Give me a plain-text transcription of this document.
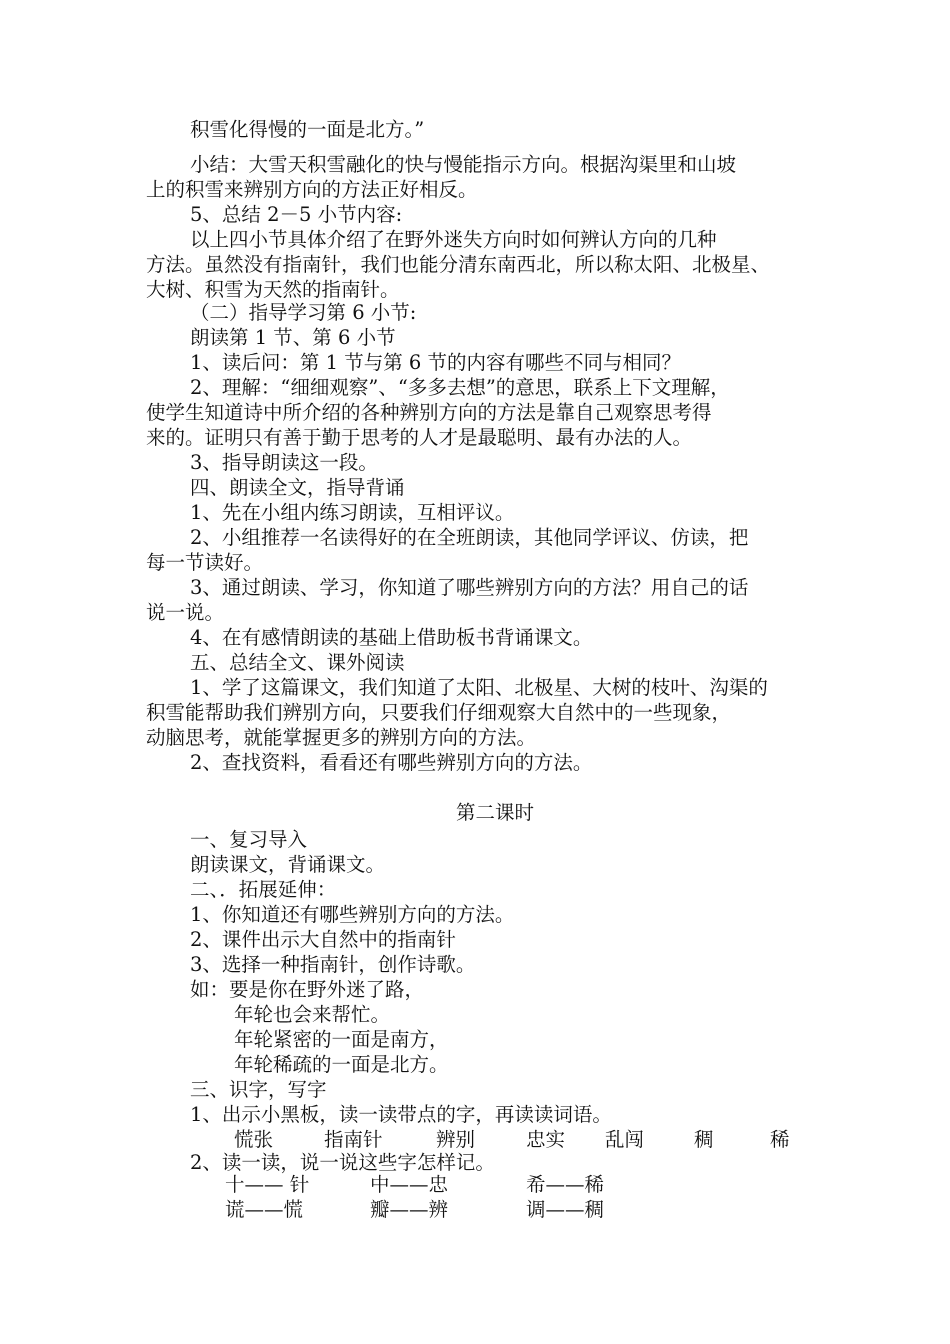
积雪化得慢的一面是北方。”
小结：大雪天积雪融化的快与慢能指示方向。根据沟渠里和山坡
上的积雪来辨别方向的方法正好相反。
5、总结 2－5 小节内容:
以上四小节具体介绍了在野外迷失方向时如何辨认方向的几种
方法。虽然没有指南针，我们也能分清东南西北，所以称太阳、北极星、
大树、积雪为天然的指南针。
（二）指导学习第 6 小节:
朗读第 1 节、第 6 小节
1、读后问：第 1 节与第 6 节的内容有哪些不同与相同？
2、理解：“细细观察”、“多多去想”的意思，联系上下文理解，
使学生知道诗中所介绍的各种辨别方向的方法是靠自己观察思考得
来的。证明只有善于勤于思考的人才是最聪明、最有办法的人。
3、指导朗读这一段。
四、朗读全文，指导背诵
1、先在小组内练习朗读，互相评议。
2、小组推荐一名读得好的在全班朗读，其他同学评议、仿读，把
每一节读好。
3、通过朗读、学习，你知道了哪些辨别方向的方法？用自己的话
说一说。
4、在有感情朗读的基础上借助板书背诵课文。
五、总结全文、课外阅读
1、学了这篇课文，我们知道了太阳、北极星、大树的枝叶、沟渠的
积雪能帮助我们辨别方向，只要我们仔细观察大自然中的一些现象，
动脑思考，就能掌握更多的辨别方向的方法。
2、查找资料，看看还有哪些辨别方向的方法。
第二课时
一、复习导入
朗读课文，背诵课文。
二、．拓展延伸：
1、你知道还有哪些辨别方向的方法。
2、课件出示大自然中的指南针
3、选择一种指南针，创作诗歌。
如：要是你在野外迷了路，
年轮也会来帮忙。
年轮紧密的一面是南方，
年轮稀疏的一面是北方。
三、识字，写字
1、出示小黑板，读一读带点的字，再读读词语。
慌张	指南针	辨别	忠实 乱闯	稠	稀
2、读一读，说一说这些字怎样记。
十—— 针	中——忠	希——稀
谎——慌	瓣——辨	调——稠
